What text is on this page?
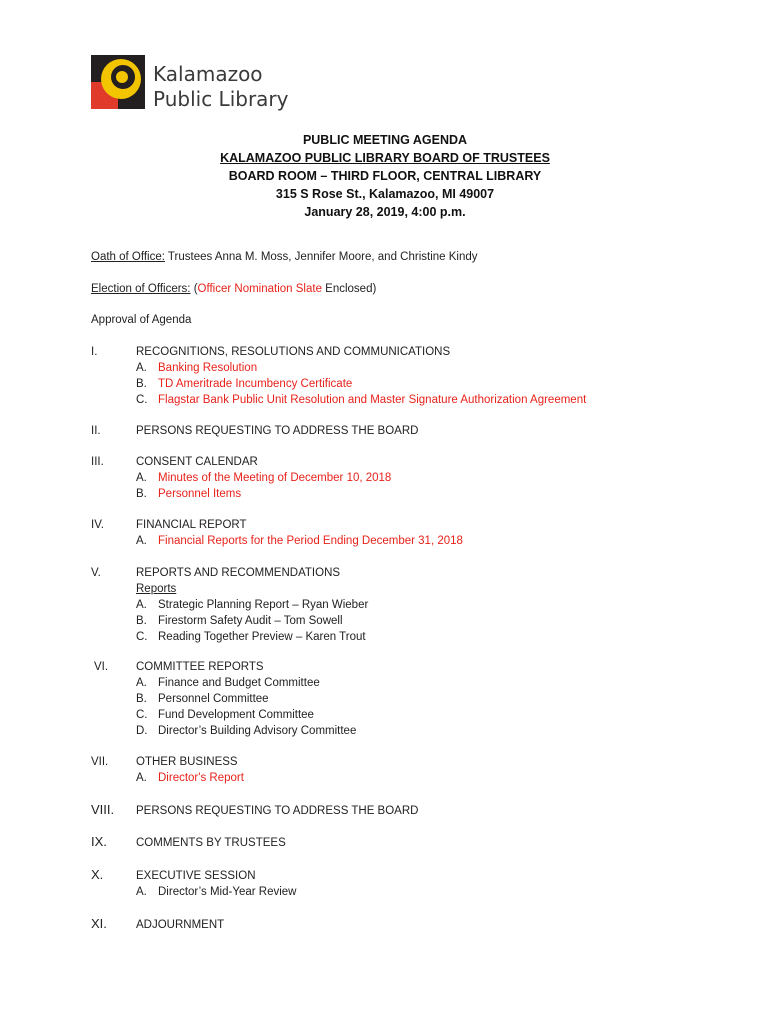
Kalamazoo
Public Library
PUBLIC MEETING AGENDA
KALAMAZOO PUBLIC LIBRARY BOARD OF TRUSTEES
BOARD ROOM – THIRD FLOOR, CENTRAL LIBRARY
315 S Rose St., Kalamazoo, MI 49007
January 28, 2019, 4:00 p.m.
Oath of Office: Trustees Anna M. Moss, Jennifer Moore, and Christine Kindy
Election of Officers: (Officer Nomination Slate Enclosed)
Approval of Agenda
I.	RECOGNITIONS, RESOLUTIONS AND COMMUNICATIONS
A. Banking Resolution
B. TD Ameritrade Incumbency Certificate
C. Flagstar Bank Public Unit Resolution and Master Signature Authorization Agreement
II.	PERSONS REQUESTING TO ADDRESS THE BOARD
III.	CONSENT CALENDAR
A. Minutes of the Meeting of December 10, 2018
B. Personnel Items
IV.	FINANCIAL REPORT
A. Financial Reports for the Period Ending December 31, 2018
V.	REPORTS AND RECOMMENDATIONS
Reports
A. Strategic Planning Report – Ryan Wieber
B. Firestorm Safety Audit – Tom Sowell
C. Reading Together Preview – Karen Trout
VI.	COMMITTEE REPORTS
A. Finance and Budget Committee
B. Personnel Committee
C. Fund Development Committee
D. Director’s Building Advisory Committee
VII.	OTHER BUSINESS
A. Director's Report
VIII.	PERSONS REQUESTING TO ADDRESS THE BOARD
IX.	COMMENTS BY TRUSTEES
X.	EXECUTIVE SESSION
A. Director’s Mid-Year Review
XI.	ADJOURNMENT
